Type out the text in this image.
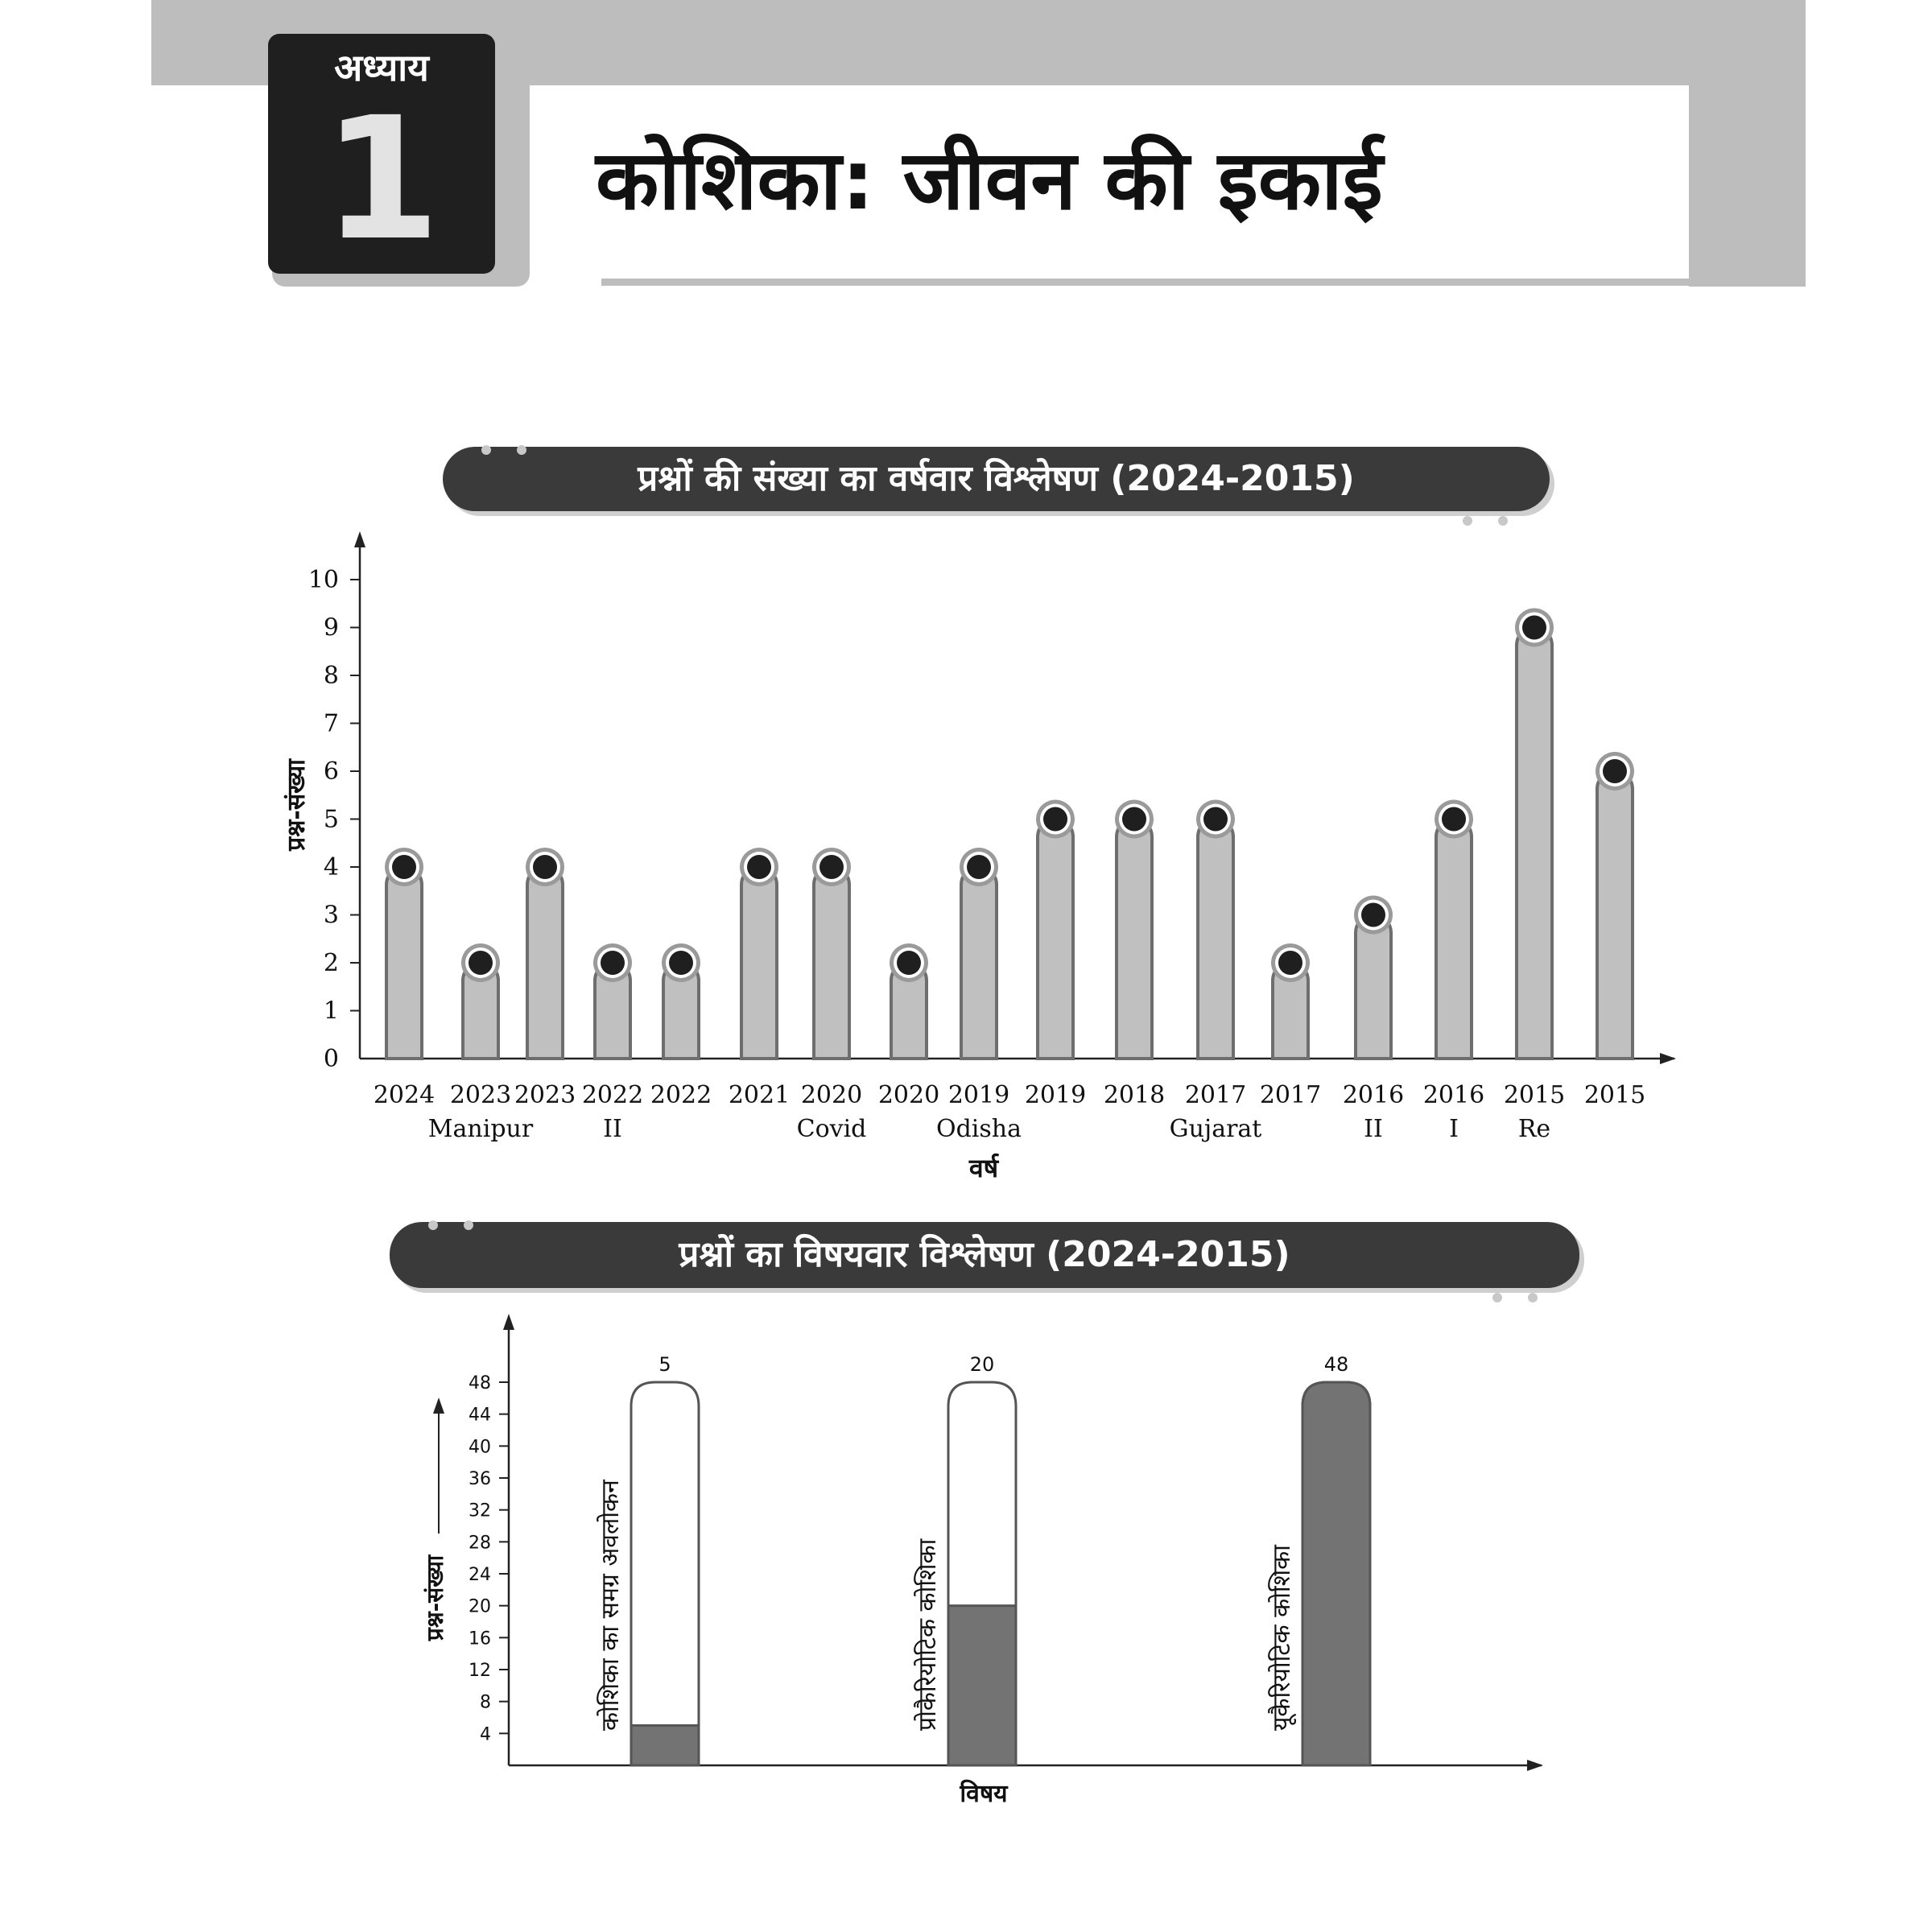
अध्याय
1	कोशिका: जीवन की इकाई
प्रश्नों की संख्या का वर्षवार विश्लेषण (2024-2015)
0
1
2
3
4
5
6
7
8
9
10
2024 2023
Manipur
2023 2022
II
2022 2021 2020
Covid
2020 2019
Odisha
2019 2018 2017
Gujarat
2017 2016
II
2016
I
2015
Re
2015
प्रश्न-संख्या
वर्ष
प्रश्नों का विषयवार विश्लेषण (2024-2015)
4
8
12
16
20
24
28
32
36
40
44
48
5
कोशिका का समग्र अवलोकन
20
प्रोकैरियोटिक कोशिका
48
यूकैरियोटिक कोशिका
प्रश्न-संख्या
विषय
